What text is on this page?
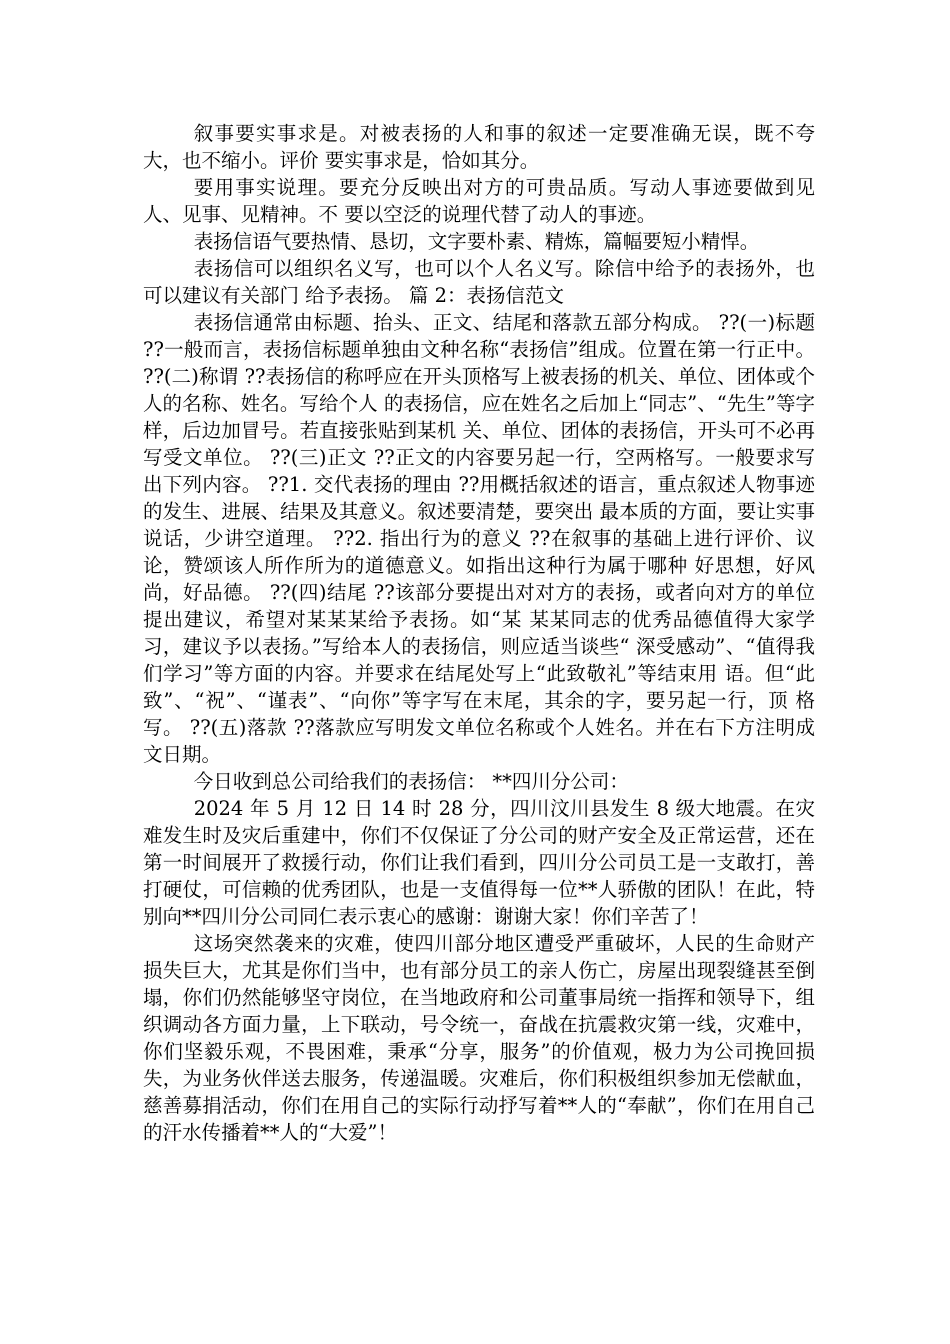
叙事要实事求是。对被表扬的人和事的叙述一定要准确无误，既不夸大，也不缩小。评价 要实事求是，恰如其分。

要用事实说理。要充分反映出对方的可贵品质。写动人事迹要做到见人、见事、见精神。不 要以空泛的说理代替了动人的事迹。

表扬信语气要热情、恳切，文字要朴素、精炼，篇幅要短小精悍。

表扬信可以组织名义写，也可以个人名义写。除信中给予的表扬外，也可以建议有关部门 给予表扬。 篇 2：表扬信范文

表扬信通常由标题、抬头、正文、结尾和落款五部分构成。 ??(一)标题 ??一般而言，表扬信标题单独由文种名称“表扬信”组成。位置在第一行正中。 ??(二)称谓 ??表扬信的称呼应在开头顶格写上被表扬的机关、单位、团体或个人的名称、姓名。写给个人 的表扬信，应在姓名之后加上“同志”、“先生”等字样，后边加冒号。若直接张贴到某机 关、单位、团体的表扬信，开头可不必再写受文单位。 ??(三)正文 ??正文的内容要另起一行，空两格写。一般要求写出下列内容。 ??1. 交代表扬的理由 ??用概括叙述的语言，重点叙述人物事迹的发生、进展、结果及其意义。叙述要清楚，要突出 最本质的方面，要让实事说话，少讲空道理。 ??2. 指出行为的意义 ??在叙事的基础上进行评价、议论，赞颂该人所作所为的道德意义。如指出这种行为属于哪种 好思想，好风尚，好品德。 ??(四)结尾 ??该部分要提出对对方的表扬，或者向对方的单位提出建议，希望对某某某给予表扬。如“某 某某同志的优秀品德值得大家学习，建议予以表扬。”写给本人的表扬信，则应适当谈些“ 深受感动”、“值得我们学习”等方面的内容。并要求在结尾处写上“此致敬礼”等结束用 语。但“此致”、“祝”、“谨表”、“向你”等字写在末尾，其余的字，要另起一行，顶 格写。 ??(五)落款 ??落款应写明发文单位名称或个人姓名。并在右下方注明成文日期。

今日收到总公司给我们的表扬信： **四川分公司：

2024 年 5 月 12 日 14 时 28 分，四川汶川县发生 8 级大地震。在灾难发生时及灾后重建中，你们不仅保证了分公司的财产安全及正常运营，还在第一时间展开了救援行动，你们让我们看到，四川分公司员工是一支敢打，善打硬仗，可信赖的优秀团队，也是一支值得每一位**人骄傲的团队！在此，特别向**四川分公司同仁表示衷心的感谢：谢谢大家！你们辛苦了！

这场突然袭来的灾难，使四川部分地区遭受严重破坏，人民的生命财产损失巨大，尤其是你们当中，也有部分员工的亲人伤亡，房屋出现裂缝甚至倒塌，你们仍然能够坚守岗位，在当地政府和公司董事局统一指挥和领导下，组织调动各方面力量，上下联动，号令统一，奋战在抗震救灾第一线，灾难中，你们坚毅乐观，不畏困难，秉承“分享，服务”的价值观，极力为公司挽回损失，为业务伙伴送去服务，传递温暖。灾难后，你们积极组织参加无偿献血，慈善募捐活动，你们在用自己的实际行动抒写着**人的“奉献”，你们在用自己的汗水传播着**人的“大爱”！
